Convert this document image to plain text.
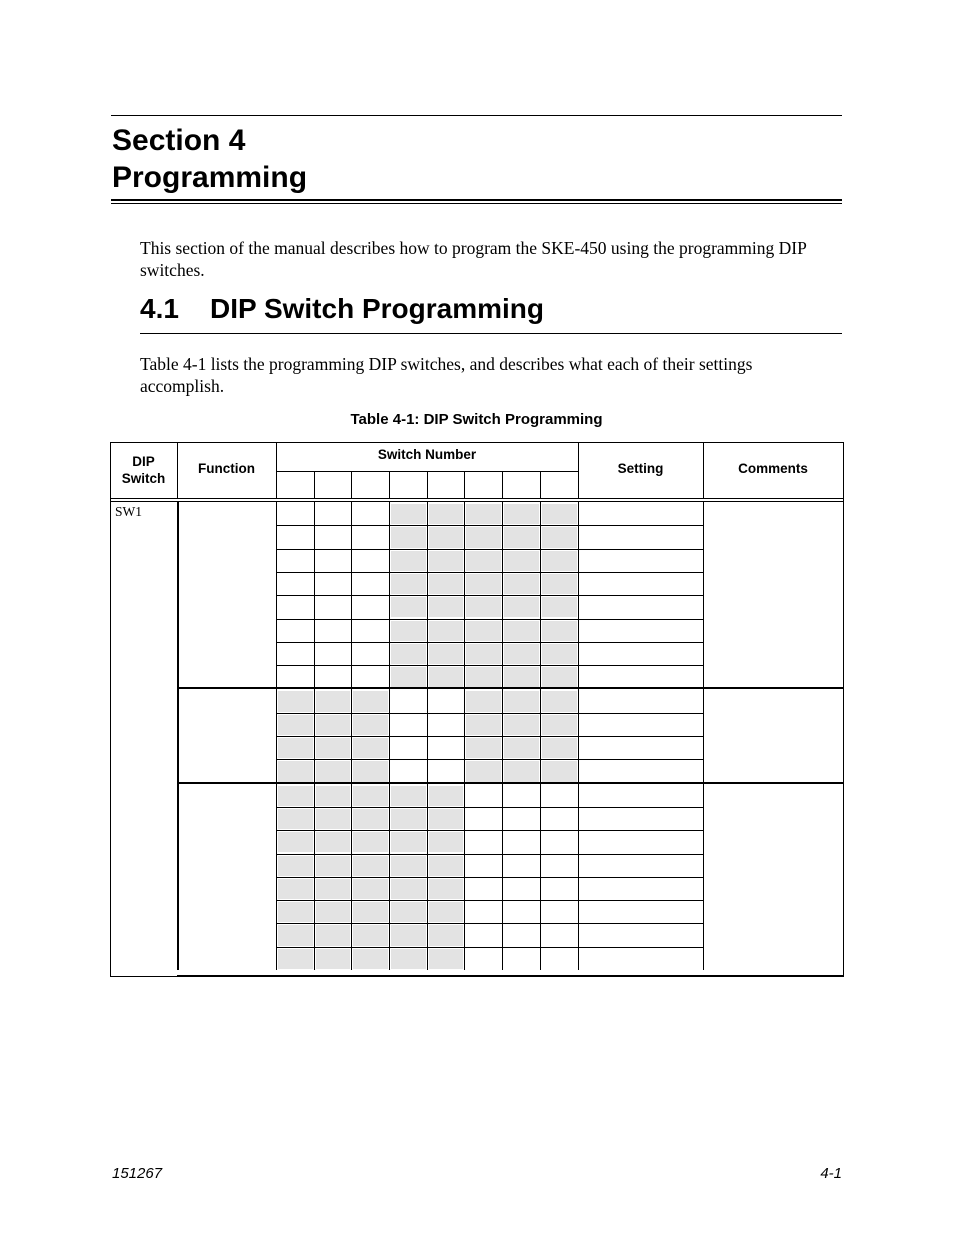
Section 4
Programming

This section of the manual describes how to program the SKE-450 using the programming DIP switches.

4.1 DIP Switch Programming

Table 4-1 lists the programming DIP switches, and describes what each of their settings accomplish.

Table 4-1: DIP Switch Programming

DIP Switch
Function
Switch Number
Setting	Comments
SW1

151267	4-1
